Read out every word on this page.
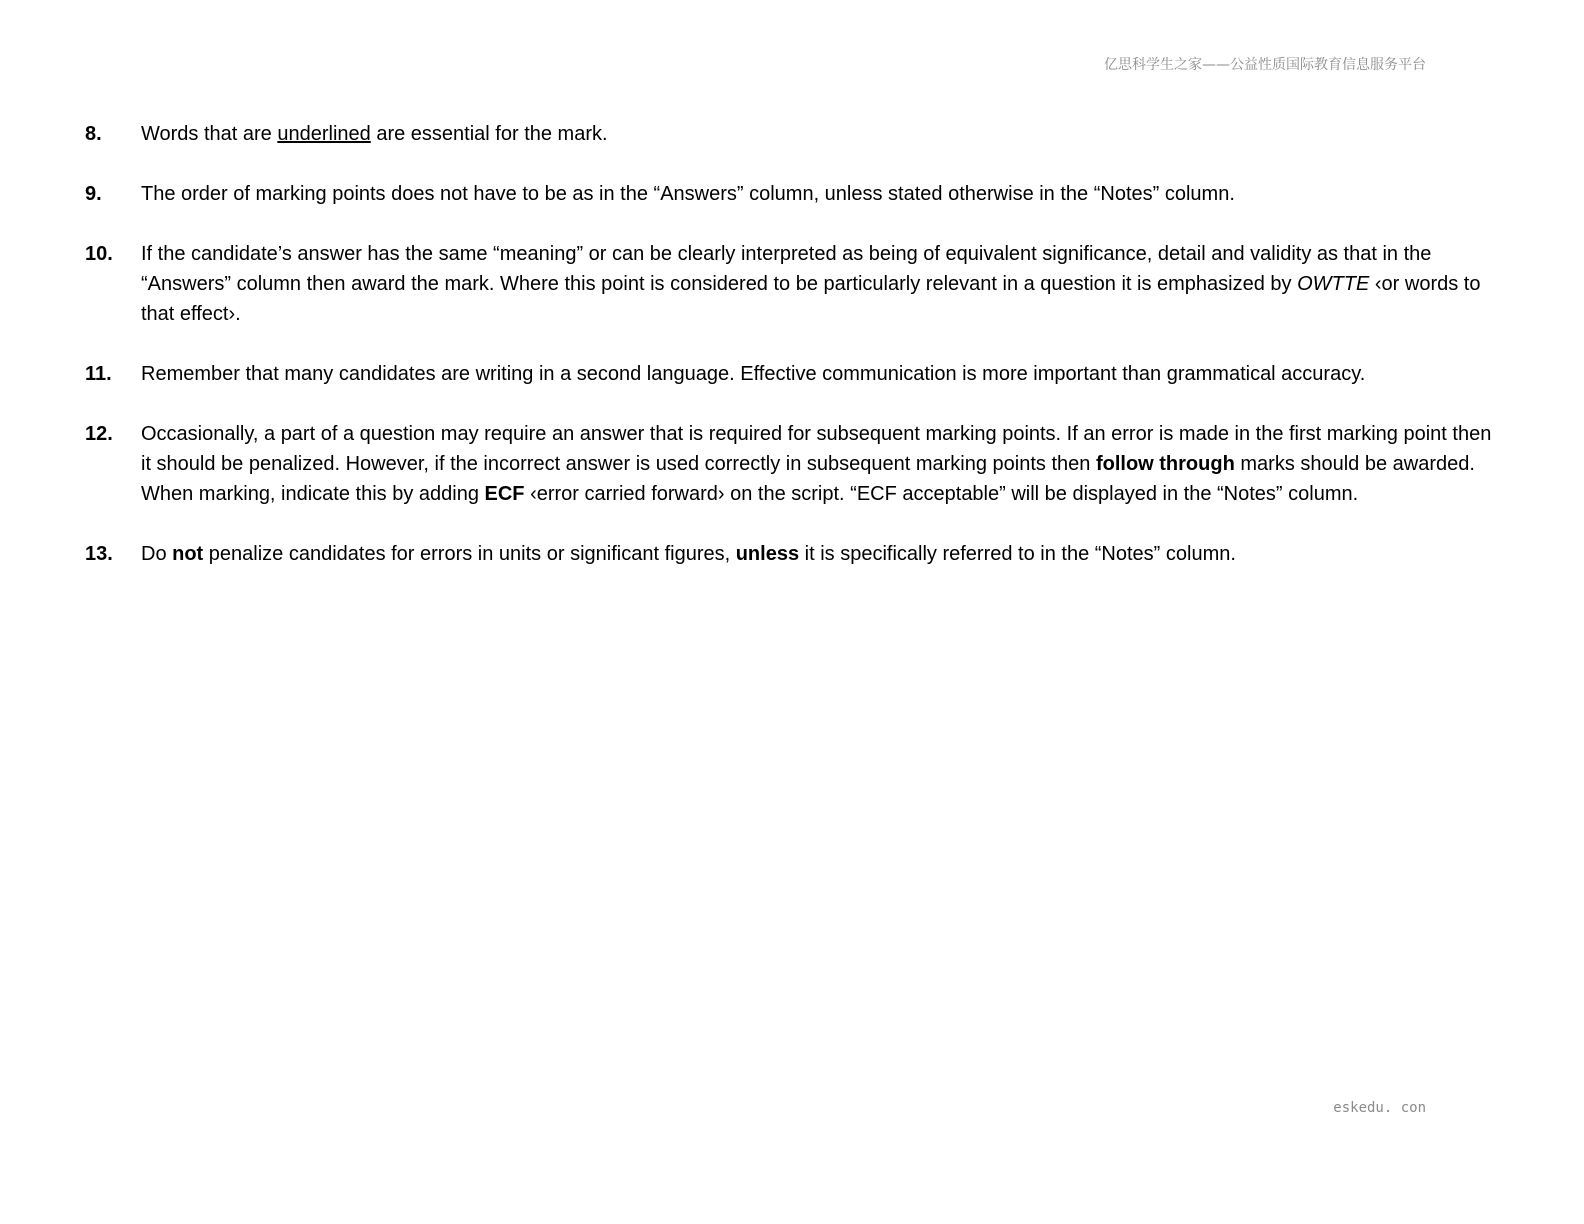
亿思科学生之家——公益性质国际教育信息服务平台
8.	Words that are underlined are essential for the mark.
9.	The order of marking points does not have to be as in the “Answers” column, unless stated otherwise in the “Notes” column.
10.	If the candidate’s answer has the same “meaning” or can be clearly interpreted as being of equivalent significance, detail and validity as that in the “Answers” column then award the mark. Where this point is considered to be particularly relevant in a question it is emphasized by OWTTE ‹or words to that effect›.
11.	Remember that many candidates are writing in a second language. Effective communication is more important than grammatical accuracy.
12.	Occasionally, a part of a question may require an answer that is required for subsequent marking points. If an error is made in the first marking point then it should be penalized. However, if the incorrect answer is used correctly in subsequent marking points then follow through marks should be awarded. When marking, indicate this by adding ECF ‹error carried forward› on the script. “ECF acceptable” will be displayed in the “Notes” column.
13.	Do not penalize candidates for errors in units or significant figures, unless it is specifically referred to in the “Notes” column.
eskedu. con
